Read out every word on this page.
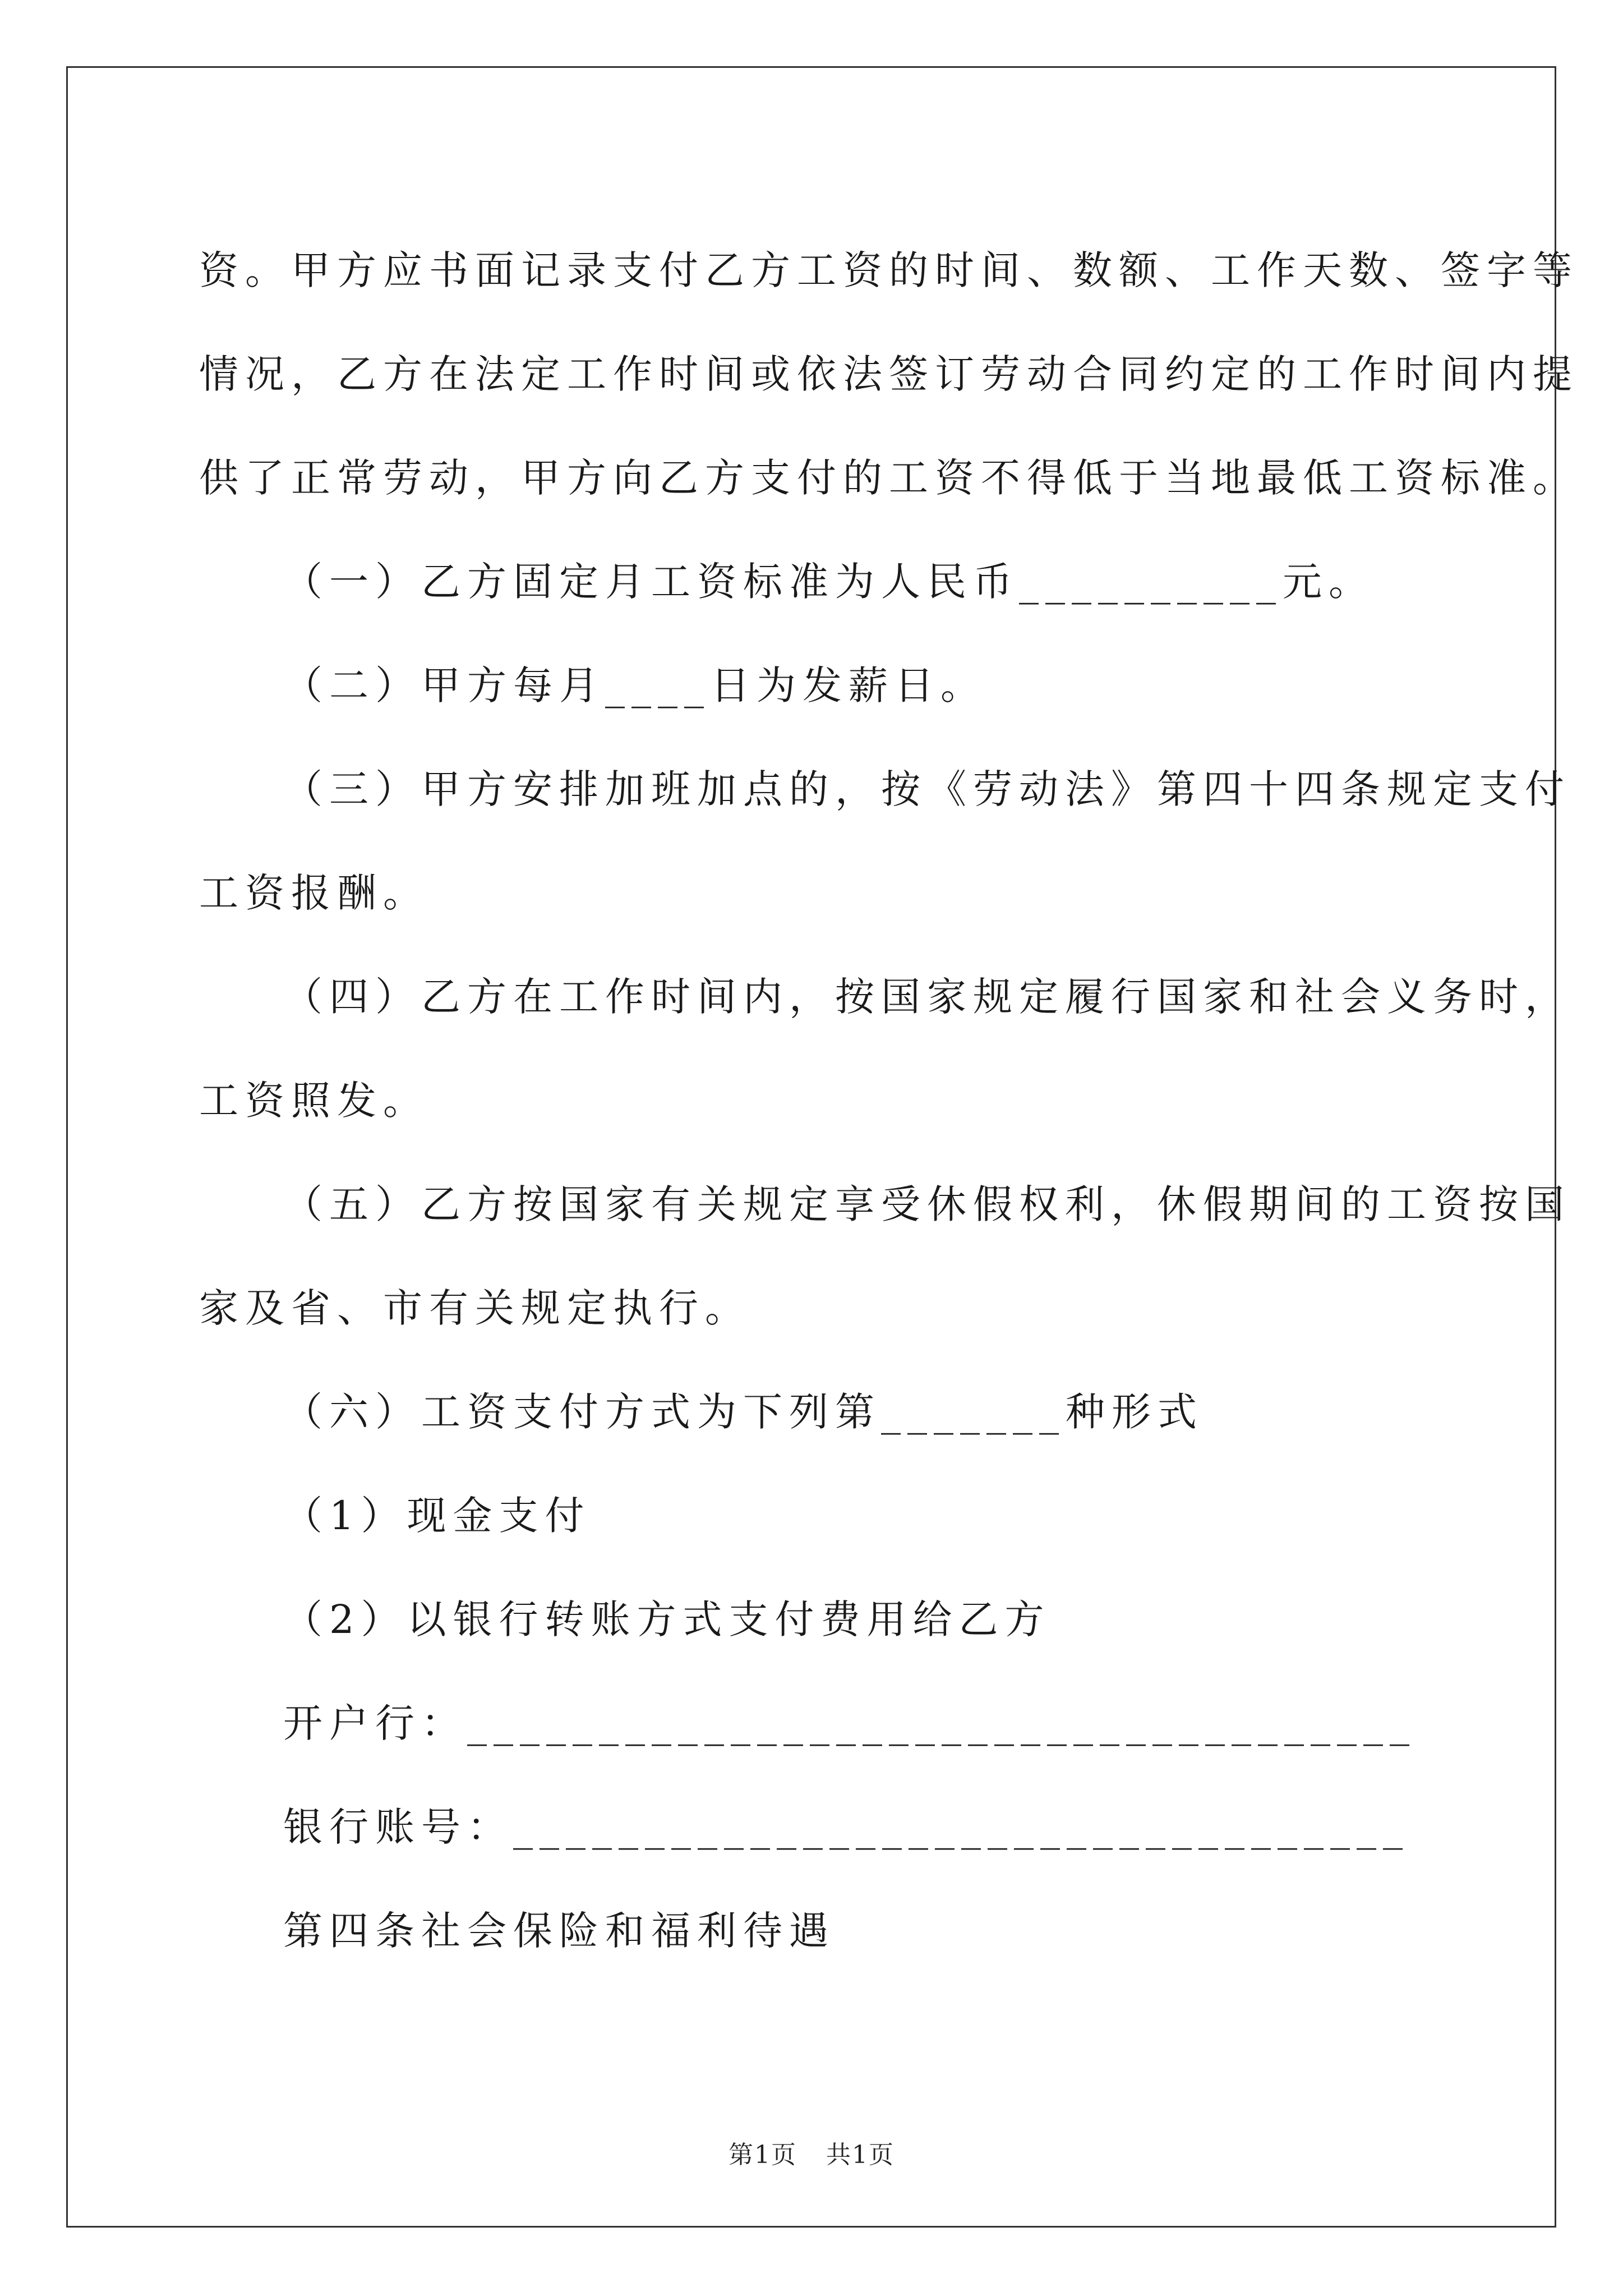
资。甲方应书面记录支付乙方工资的时间、数额、工作天数、签字等

情况，乙方在法定工作时间或依法签订劳动合同约定的工作时间内提

供了正常劳动，甲方向乙方支付的工资不得低于当地最低工资标准。

（一）乙方固定月工资标准为人民币__________元。

（二）甲方每月____日为发薪日。

（三）甲方安排加班加点的，按《劳动法》第四十四条规定支付

工资报酬。

（四）乙方在工作时间内，按国家规定履行国家和社会义务时，

工资照发。

（五）乙方按国家有关规定享受休假权利，休假期间的工资按国

家及省、市有关规定执行。

（六）工资支付方式为下列第_______种形式

（1）现金支付

（2）以银行转账方式支付费用给乙方

开户行：____________________________________

银行账号：__________________________________

第四条社会保险和福利待遇

第1页 共1页
